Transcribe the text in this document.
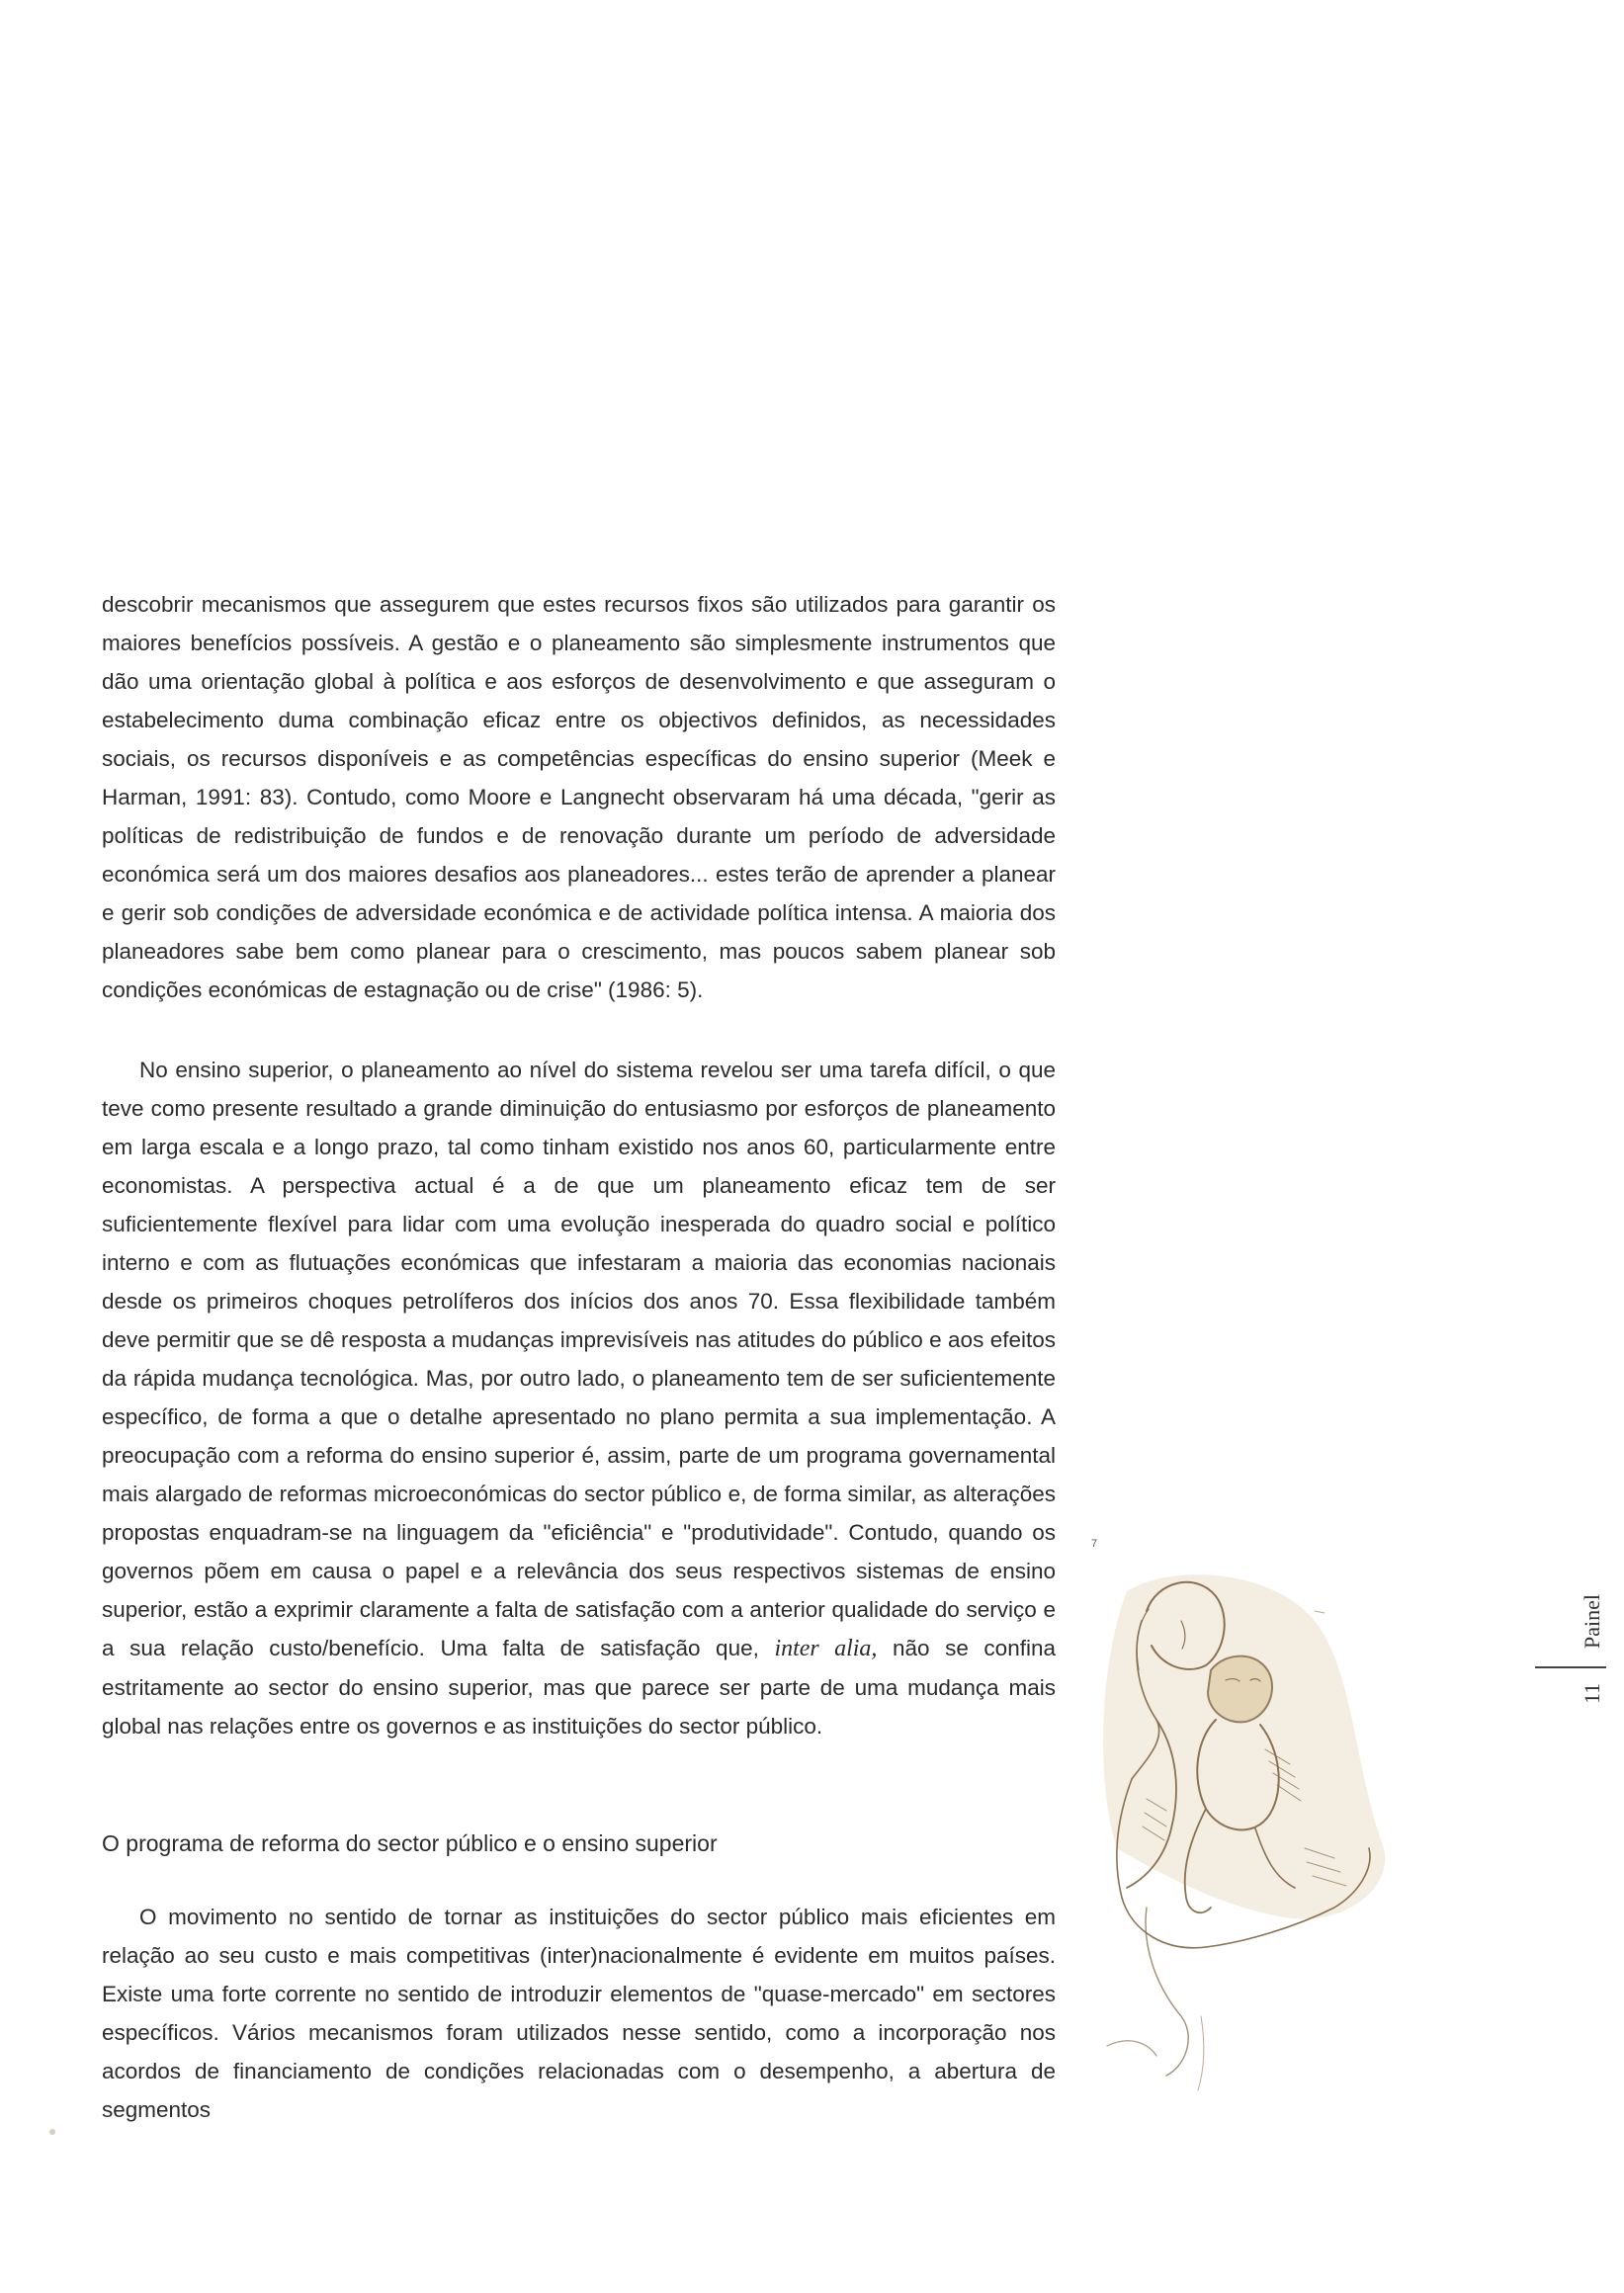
descobrir mecanismos que assegurem que estes recursos fixos são utilizados para garantir os maiores benefícios possíveis. A gestão e o planeamento são simplesmente instrumentos que dão uma orientação global à política e aos esforços de desenvolvimento e que asseguram o estabelecimento duma combinação eficaz entre os objectivos definidos, as necessidades sociais, os recursos disponíveis e as competências específicas do ensino superior (Meek e Harman, 1991: 83). Contudo, como Moore e Langnecht observaram há uma década, "gerir as políticas de redistribuição de fundos e de renovação durante um período de adversidade económica será um dos maiores desafios aos planeadores... estes terão de aprender a planear e gerir sob condições de adversidade económica e de actividade política intensa. A maioria dos planeadores sabe bem como planear para o crescimento, mas poucos sabem planear sob condições económicas de estagnação ou de crise" (1986: 5).

No ensino superior, o planeamento ao nível do sistema revelou ser uma tarefa difícil, o que teve como presente resultado a grande diminuição do entusiasmo por esforços de planeamento em larga escala e a longo prazo, tal como tinham existido nos anos 60, particularmente entre economistas. A perspectiva actual é a de que um planeamento eficaz tem de ser suficientemente flexível para lidar com uma evolução inesperada do quadro social e político interno e com as flutuações económicas que infestaram a maioria das economias nacionais desde os primeiros choques petrolíferos dos inícios dos anos 70. Essa flexibilidade também deve permitir que se dê resposta a mudanças imprevisíveis nas atitudes do público e aos efeitos da rápida mudança tecnológica. Mas, por outro lado, o planeamento tem de ser suficientemente específico, de forma a que o detalhe apresentado no plano permita a sua implementação. A preocupação com a reforma do ensino superior é, assim, parte de um programa governamental mais alargado de reformas microeconómicas do sector público e, de forma similar, as alterações propostas enquadram-se na linguagem da "eficiência" e "produtividade". Contudo, quando os governos põem em causa o papel e a relevância dos seus respectivos sistemas de ensino superior, estão a exprimir claramente a falta de satisfação com a anterior qualidade do serviço e a sua relação custo/benefício. Uma falta de satisfação que, inter alia, não se confina estritamente ao sector do ensino superior, mas que parece ser parte de uma mudança mais global nas relações entre os governos e as instituições do sector público.

O programa de reforma do sector público e o ensino superior

O movimento no sentido de tornar as instituições do sector público mais eficientes em relação ao seu custo e mais competitivas (inter)nacionalmente é evidente em muitos países. Existe uma forte corrente no sentido de introduzir elementos de "quase-mercado" em sectores específicos. Vários mecanismos foram utilizados nesse sentido, como a incorporação nos acordos de financiamento de condições relacionadas com o desempenho, a abertura de segmentos

7
Painel
11
